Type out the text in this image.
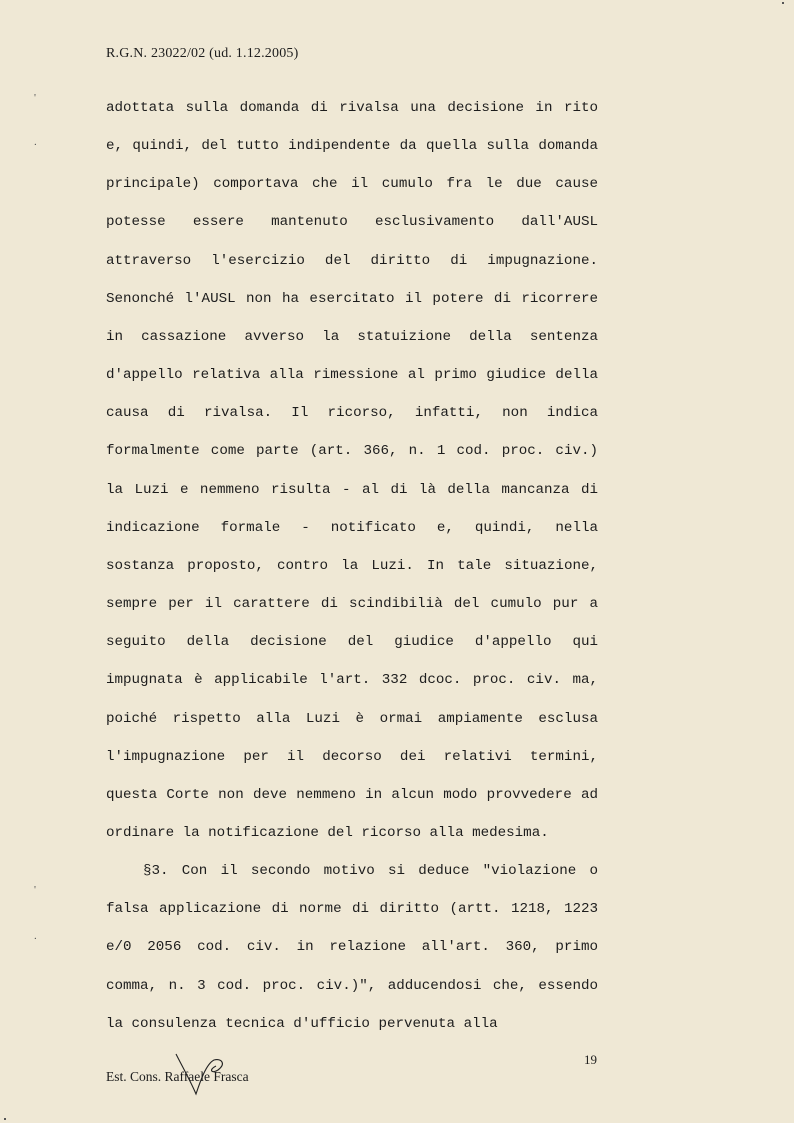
R.G.N. 23022/02 (ud. 1.12.2005)
'
.
'
.

adottata sulla domanda di rivalsa una decisione in rito e, quindi, del tutto indipendente da quella sulla domanda principale) comportava che il cumulo fra le due cause potesse essere mantenuto esclusivamento dall'AUSL attraverso l'esercizio del diritto di impugnazione. Senonché l'AUSL non ha esercitato il potere di ricorrere in cassazione avverso la statuizione della sentenza d'appello relativa alla rimessione al primo giudice della causa di rivalsa. Il ricorso, infatti, non indica formalmente come parte (art. 366, n. 1 cod. proc. civ.) la Luzi e nemmeno risulta - al di là della mancanza di indicazione formale - notificato e, quindi, nella sostanza proposto, contro la Luzi. In tale situazione, sempre per il carattere di scindibilià del cumulo pur a seguito della decisione del giudice d'appello qui impugnata è applicabile l'art. 332 dcoc. proc. civ. ma, poiché rispetto alla Luzi è ormai ampiamente esclusa l'impugnazione per il decorso dei relativi termini, questa Corte non deve nemmeno in alcun modo provvedere ad ordinare la notificazione del ricorso alla medesima.

§3. Con il secondo motivo si deduce "violazione o falsa applicazione di norme di diritto (artt. 1218, 1223 e/0 2056 cod. civ. in relazione all'art. 360, primo comma, n. 3 cod. proc. civ.)", adducendosi che, essendo la consulenza tecnica d'ufficio pervenuta alla

19
Est. Cons. Raffaele Frasca
